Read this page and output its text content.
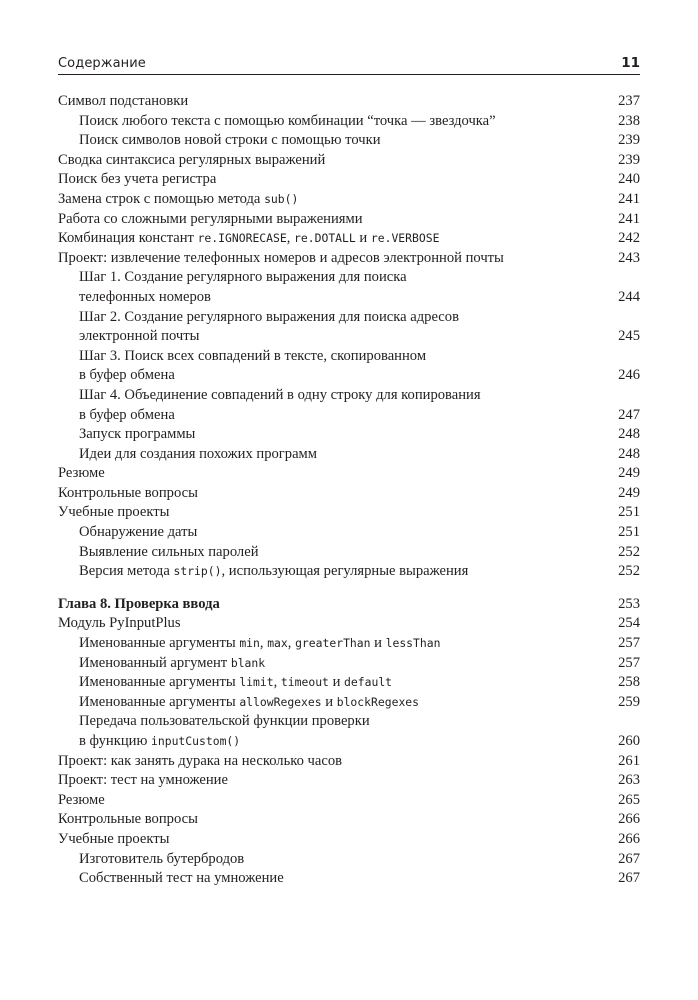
Содержание	11
Символ подстановки	237
Поиск любого текста с помощью комбинации “точка — звездочка”	238
Поиск символов новой строки с помощью точки	239
Сводка синтаксиса регулярных выражений	239
Поиск без учета регистра	240
Замена строк с помощью метода sub()	241
Работа со сложными регулярными выражениями	241
Комбинация констант re.IGNORECASE, re.DOTALL и re.VERBOSE	242
Проект: извлечение телефонных номеров и адресов электронной почты	243
Шаг 1. Создание регулярного выражения для поиска
телефонных номеров	244
Шаг 2. Создание регулярного выражения для поиска адресов
электронной почты	245
Шаг 3. Поиск всех совпадений в тексте, скопированном
в буфер обмена	246
Шаг 4. Объединение совпадений в одну строку для копирования
в буфер обмена	247
Запуск программы	248
Идеи для создания похожих программ	248
Резюме	249
Контрольные вопросы	249
Учебные проекты	251
Обнаружение даты	251
Выявление сильных паролей	252
Версия метода strip(), использующая регулярные выражения	252
Глава 8. Проверка ввода	253
Модуль PyInputPlus	254
Именованные аргументы min, max, greaterThan и lessThan	257
Именованный аргумент blank	257
Именованные аргументы limit, timeout и default	258
Именованные аргументы allowRegexes и blockRegexes	259
Передача пользовательской функции проверки
в функцию inputCustom()	260
Проект: как занять дурака на несколько часов	261
Проект: тест на умножение	263
Резюме	265
Контрольные вопросы	266
Учебные проекты	266
Изготовитель бутербродов	267
Собственный тест на умножение	267
